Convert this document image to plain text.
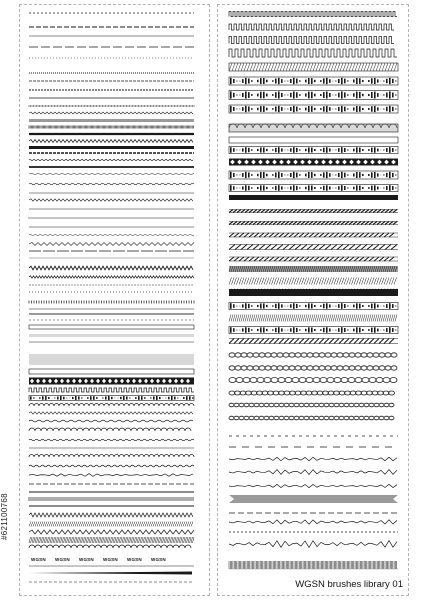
WGSN WGSN WGSN WGSN WGSN WGSN
#621100768
WGSN brushes library 01
